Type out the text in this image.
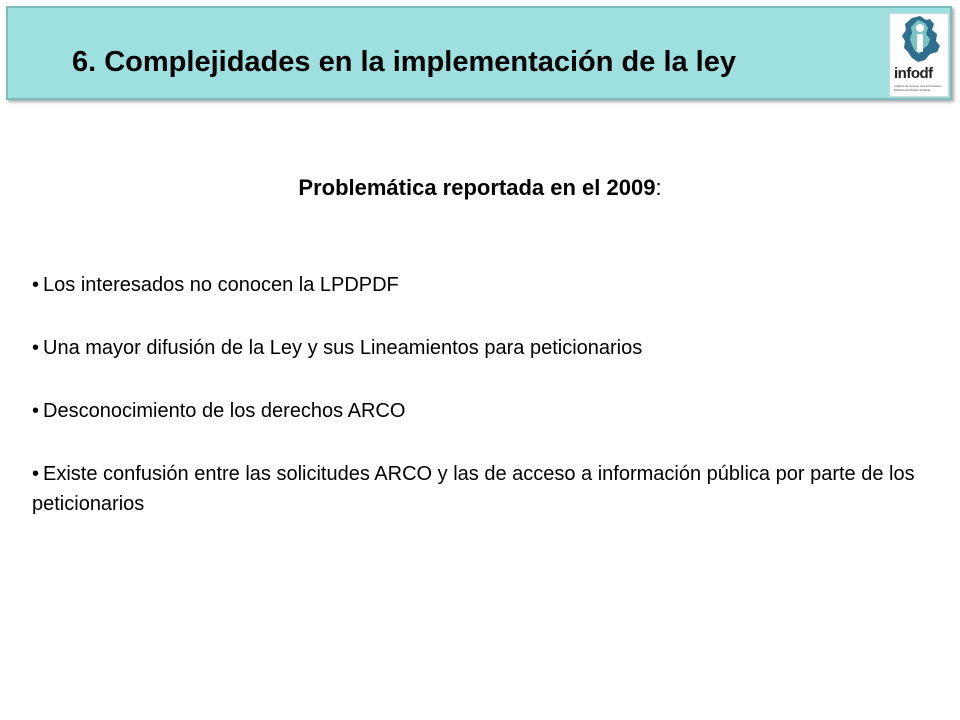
6. Complejidades en la implementación de la ley	infodf
Instituto de Acceso a la Información Pública del Distrito Federal
Problemática reportada en el 2009:
• Los interesados no conocen la LPDPDF
• Una mayor difusión de la Ley y sus Lineamientos para peticionarios
• Desconocimiento de los derechos ARCO
• Existe confusión entre las solicitudes ARCO y las de acceso a información pública por parte de los peticionarios
